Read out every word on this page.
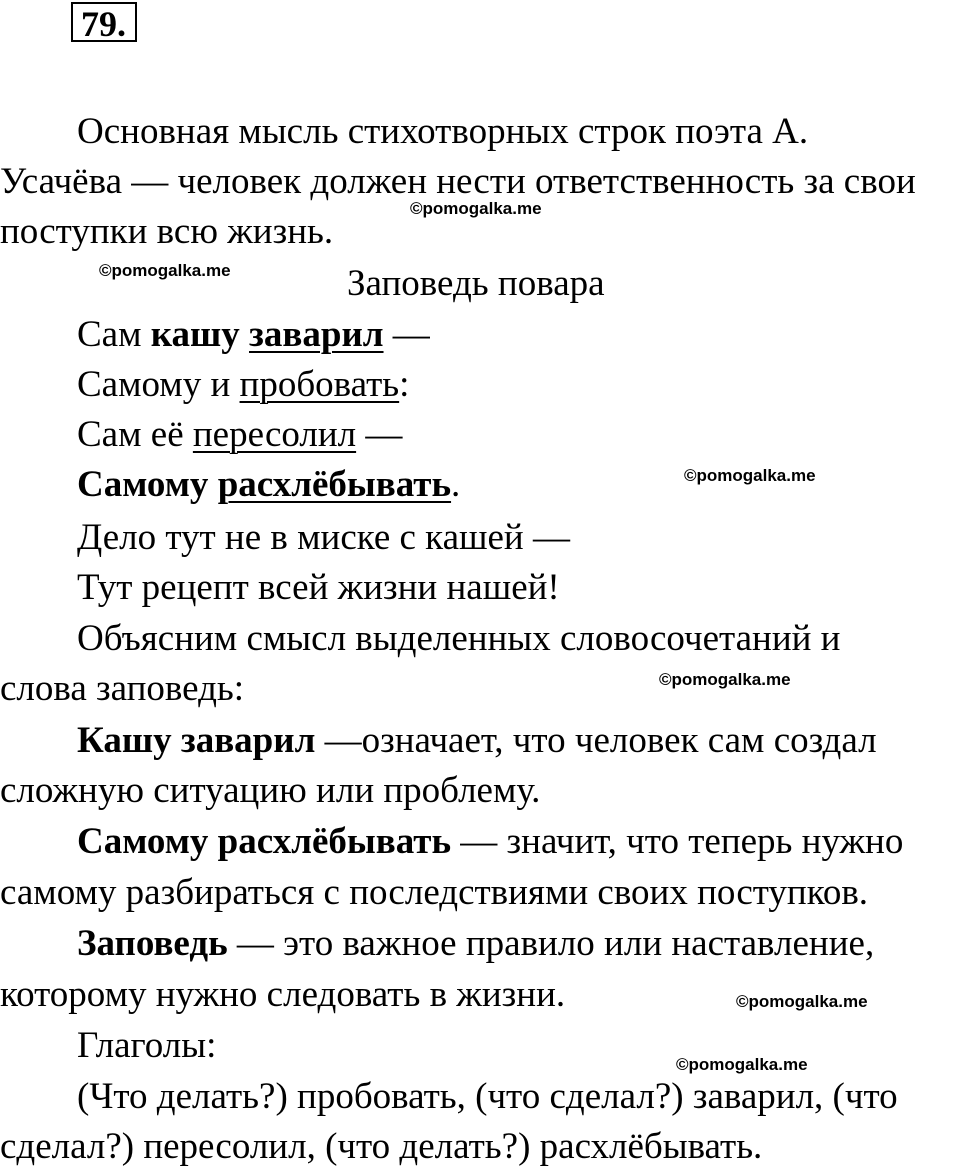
79.
Основная мысль стихотворных строк поэта А.
Усачёва — человек должен нести ответственность за свои
поступки всю жизнь.
Заповедь повара
Сам кашу заварил —
Самому и пробовать:
Сам её пересолил —
Самому расхлёбывать.
Дело тут не в миске с кашей —
Тут рецепт всей жизни нашей!
Объясним смысл выделенных словосочетаний и
слова заповедь:
Кашу заварил —означает, что человек сам создал
сложную ситуацию или проблему.
Самому расхлёбывать — значит, что теперь нужно
самому разбираться с последствиями своих поступков.
Заповедь — это важное правило или наставление,
которому нужно следовать в жизни.
Глаголы:
(Что делать?) пробовать, (что сделал?) заварил, (что
сделал?) пересолил, (что делать?) расхлёбывать.
©pomogalka.me
©pomogalka.me
©pomogalka.me
©pomogalka.me
©pomogalka.me
©pomogalka.me
